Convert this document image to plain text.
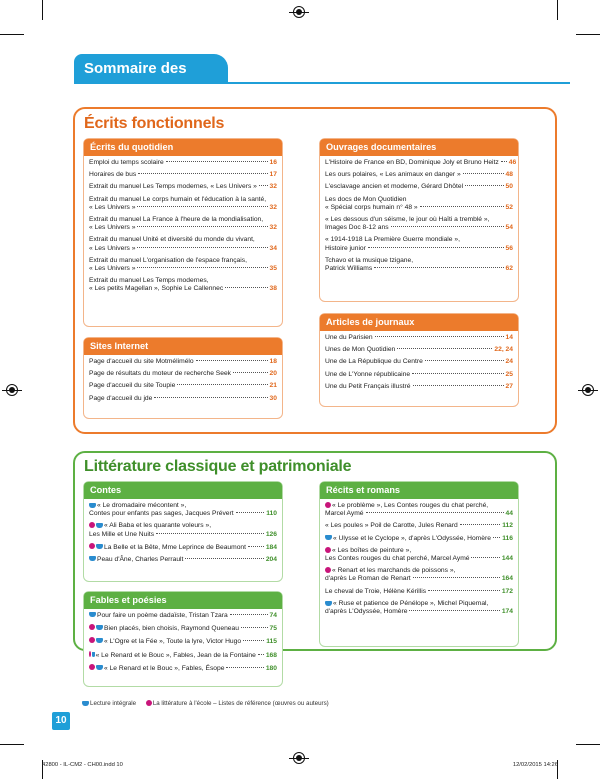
Sommaire des textes
Écrits fonctionnels
Écrits du quotidien
Emploi du temps scolaire	16
Horaires de bus	17
Extrait du manuel Les Temps modernes, « Les Univers » 32
Extrait du manuel Le corps humain et l'éducation à la santé,
« Les Univers »	32
Extrait du manuel La France à l'heure de la mondialisation,
« Les Univers »	32
Extrait du manuel Unité et diversité du monde du vivant,
« Les Univers »	34
Extrait du manuel L'organisation de l'espace français,
« Les Univers »	35
Extrait du manuel Les Temps modernes,
« Les petits Magellan », Sophie Le Callennec	38
Sites Internet
Page d'accueil du site Motmélimélo	18
Page de résultats du moteur de recherche Seek	20
Page d'accueil du site Toupie	21
Page d'accueil du jde	30
Ouvrages documentaires
L'Histoire de France en BD, Dominique Joly et Bruno Heitz 46
Les ours polaires, « Les animaux en danger »	48
L'esclavage ancien et moderne, Gérard Dhôtel	50
Les docs de Mon Quotidien
« Spécial corps humain n° 48 »	52
« Les dessous d'un séisme, le jour où Haïti a tremblé »,
Images Doc 8-12 ans	54
« 1914-1918 La Première Guerre mondiale »,
Histoire junior	56
Tchavo et la musique tzigane,
Patrick Williams	62
Articles de journaux
Une du Parisien	14
Unes de Mon Quotidien	22, 24
Une de La République du Centre	24
Une de L'Yonne républicaine	25
Une du Petit Français illustré	27
Littérature classique et patrimoniale
Contes
« Le dromadaire mécontent »,
Contes pour enfants pas sages, Jacques Prévert	110
« Ali Baba et les quarante voleurs »,
Les Mille et Une Nuits	126
La Belle et la Bête, Mme Leprince de Beaumont	184
Peau d'Âne, Charles Perrault	204
Fables et poésies
Pour faire un poème dadaïste, Tristan Tzara	74
Bien placés, bien choisis, Raymond Queneau	75
« L'Ogre et la Fée », Toute la lyre, Victor Hugo	115
« Le Renard et le Bouc », Fables, Jean de la Fontaine 168
« Le Renard et le Bouc », Fables, Ésope	180
Récits et romans
« Le problème », Les Contes rouges du chat perché,
Marcel Aymé	44
« Les poules » Poil de Carotte, Jules Renard	112
« Ulysse et le Cyclope », d'après L'Odyssée, Homère 116
« Les boîtes de peinture »,
Les Contes rouges du chat perché, Marcel Aymé	144
« Renart et les marchands de poissons »,
d'après Le Roman de Renart	164
Le cheval de Troie, Hélène Kérillis	172
« Ruse et patience de Pénélope », Michel Piquemal,
d'après L'Odyssée, Homère	174
Lecture intégrale	La littérature à l'école – Listes de référence (œuvres ou auteurs)
10
42800 - IL-CM2 - CH00.indd 10	12/02/2015 14:26
